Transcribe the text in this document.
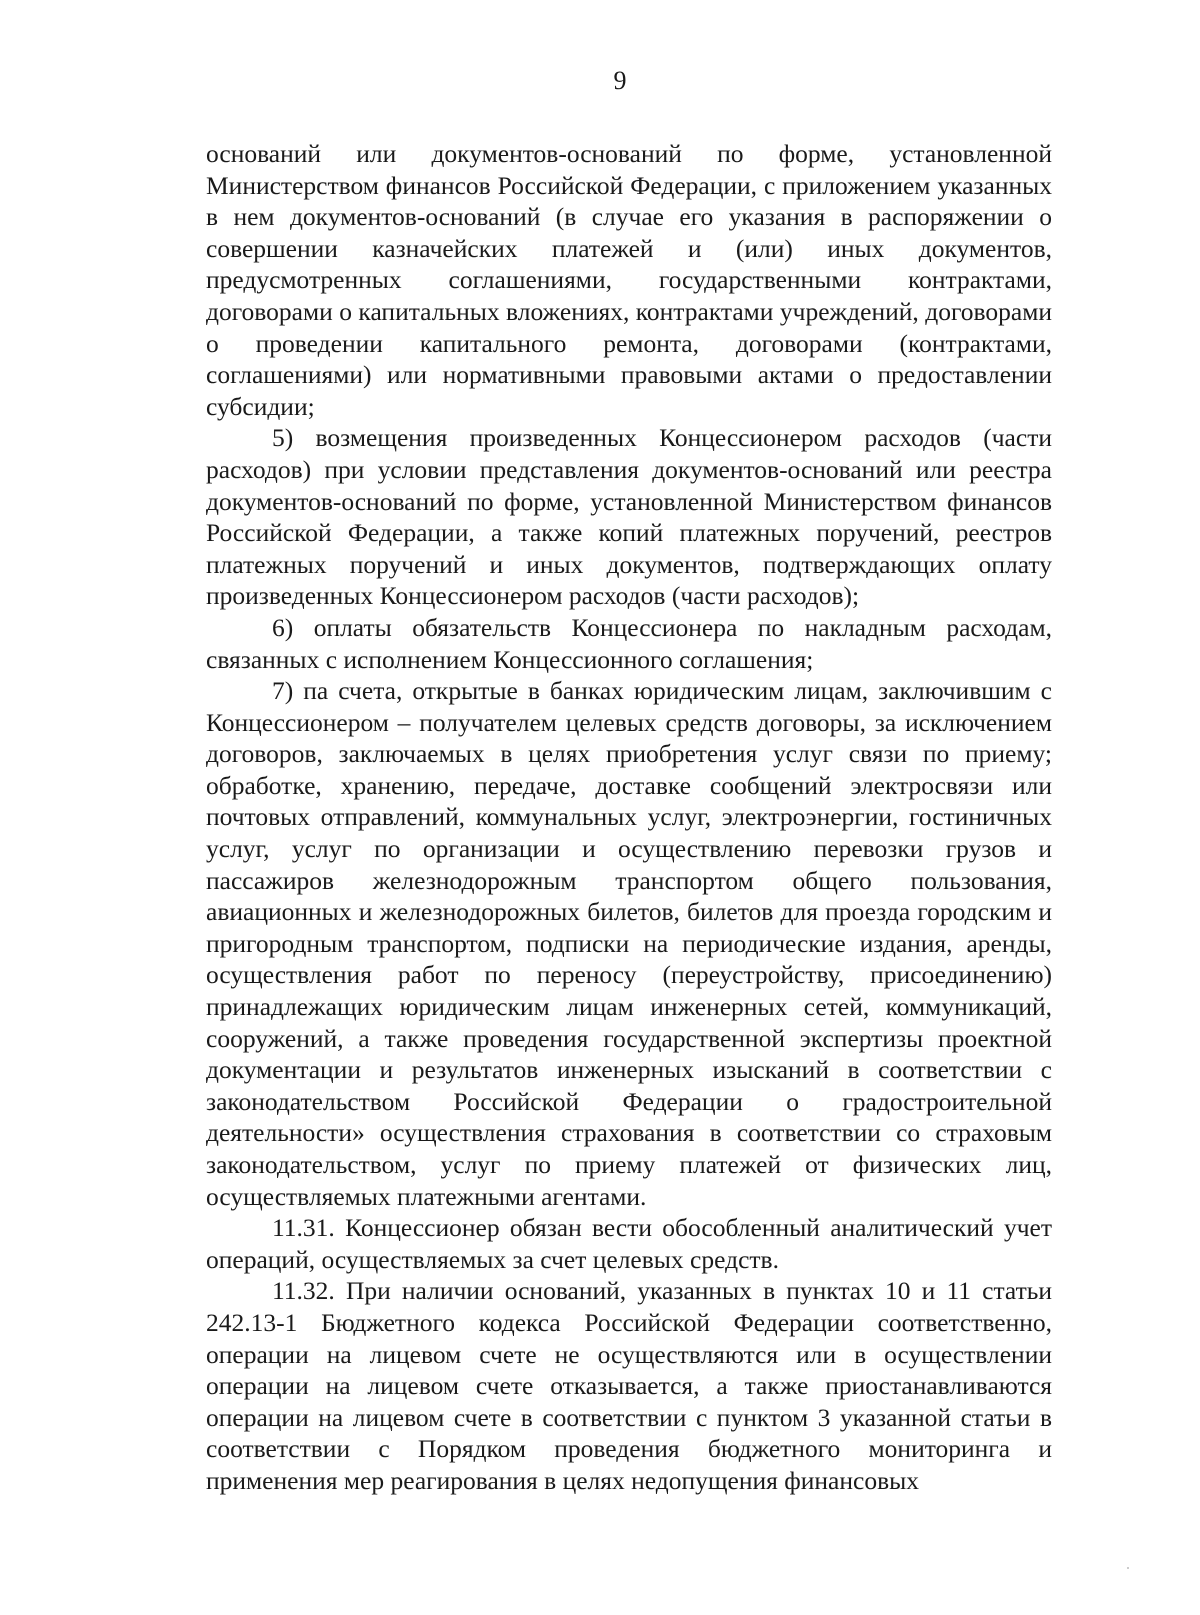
9

оснований или документов-оснований по форме, установленной Министерством финансов Российской Федерации, с приложением указанных в нем документов-оснований (в случае его указания в распоряжении о совершении казначейских платежей и (или) иных документов, предусмотренных соглашениями, государственными контрактами, договорами о капитальных вложениях, контрактами учреждений, договорами о проведении капитального ремонта, договорами (контрактами, соглашениями) или нормативными правовыми актами о предоставлении субсидии;

5) возмещения произведенных Концессионером расходов (части расходов) при условии представления документов-оснований или реестра документов-оснований по форме, установленной Министерством финансов Российской Федерации, а также копий платежных поручений, реестров платежных поручений и иных документов, подтверждающих оплату произведенных Концессионером расходов (части расходов);

6) оплаты обязательств Концессионера по накладным расходам, связанных с исполнением Концессионного соглашения;

7) па счета, открытые в банках юридическим лицам, заключившим с Концессионером – получателем целевых средств договоры, за исключением договоров, заключаемых в целях приобретения услуг связи по приему; обработке, хранению, передаче, доставке сообщений электросвязи или почтовых отправлений, коммунальных услуг, электроэнергии, гостиничных услуг, услуг по организации и осуществлению перевозки грузов и пассажиров железнодорожным транспортом общего пользования, авиационных и железнодорожных билетов, билетов для проезда городским и пригородным транспортом, подписки на периодические издания, аренды, осуществления работ по переносу (переустройству, присоединению) принадлежащих юридическим лицам инженерных сетей, коммуникаций, сооружений, а также проведения государственной экспертизы проектной документации и результатов инженерных изысканий в соответствии с законодательством Российской Федерации о градостроительной деятельности» осуществления страхования в соответствии со страховым законодательством, услуг по приему платежей от физических лиц, осуществляемых платежными агентами.

11.31. Концессионер обязан вести обособленный аналитический учет операций, осуществляемых за счет целевых средств.

11.32. При наличии оснований, указанных в пунктах 10 и 11 статьи 242.13-1 Бюджетного кодекса Российской Федерации соответственно, операции на лицевом счете не осуществляются или в осуществлении операции на лицевом счете отказывается, а также приостанавливаются операции на лицевом счете в соответствии с пунктом 3 указанной статьи в соответствии с Порядком проведения бюджетного мониторинга и применения мер реагирования в целях недопущения финансовых
